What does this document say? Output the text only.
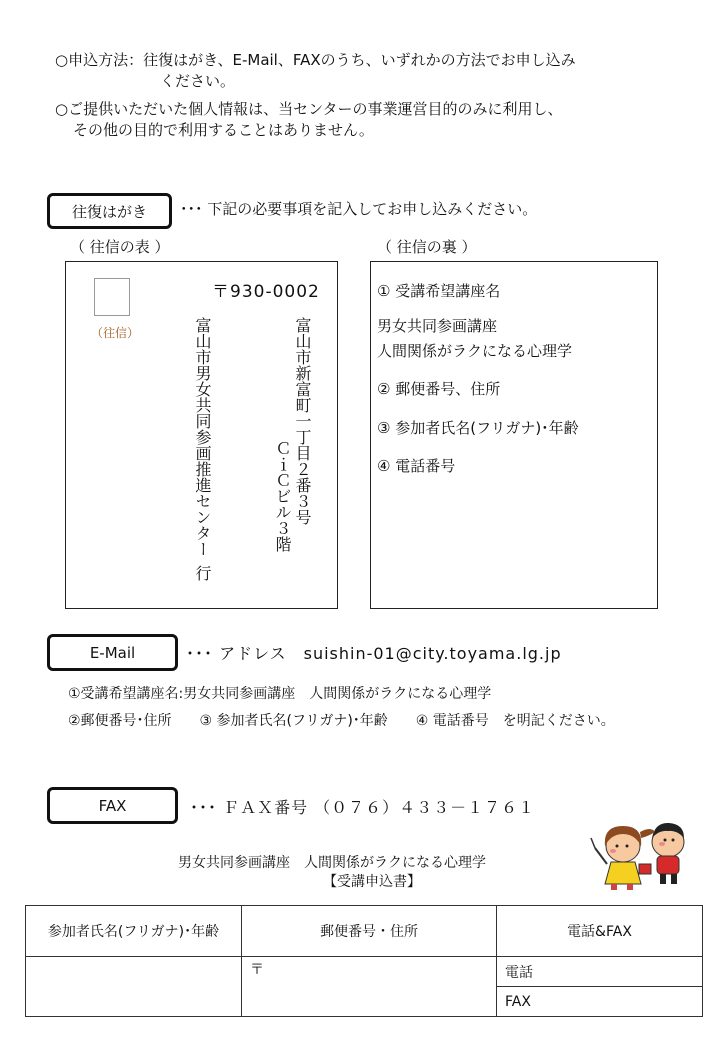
○申込方法：往復はがき、E-Mail、FAXのうち、いずれかの方法でお申し込み
ください。
○ご提供いただいた個人情報は、当センターの事業運営目的のみに利用し、
その他の目的で利用することはありません。
往復はがき ･･･ 下記の必要事項を記入してお申し込みください。
（ 往信の表 ）	（ 往信の裏 ）
（往信）
〒930-0002
富山市新富町一丁目２番３号
ＣｉＣビル３階
富山市男女共同参画推進センター
行
① 受講希望講座名
男女共同参画講座
人間関係がラクになる心理学
② 郵便番号、住所
③ 参加者氏名(フリガナ)･年齢
④ 電話番号
E-Mail	･･･ アドレス　suishin-01@city.toyama.lg.jp
①受講希望講座名:男女共同参画講座　人間関係がラクになる心理学
②郵便番号･住所　　③ 参加者氏名(フリガナ)･年齢　　④ 電話番号　を明記ください。
FAX	･･･ ＦＡＸ番号 （０７６）４３３－１７６１
男女共同参画講座　人間関係がラクになる心理学
【受講申込書】
参加者氏名(フリガナ)･年齢	郵便番号・住所	電話&FAX
	〒	電話
		FAX
